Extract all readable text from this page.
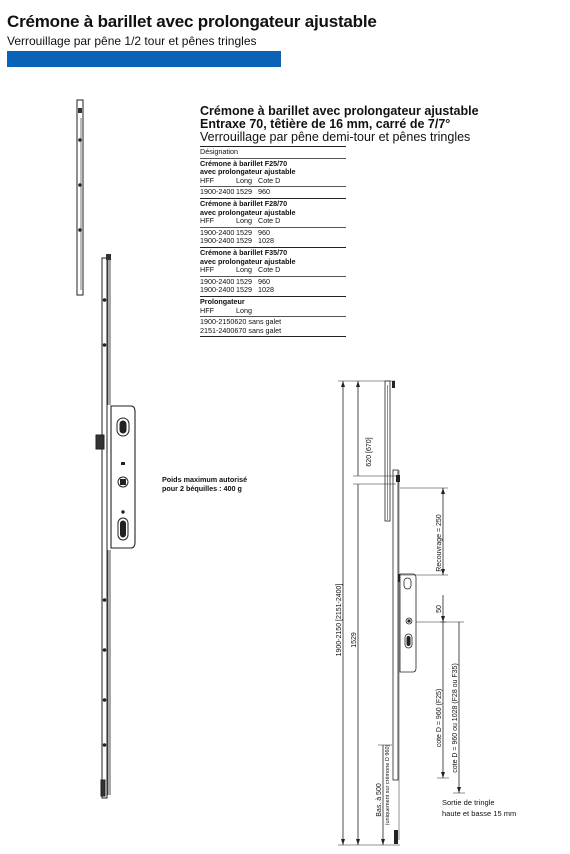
Crémone à barillet avec prolongateur ajustable
Verrouillage par pêne 1/2 tour et pênes tringles
Crémone à barillet avec prolongateur ajustable
Entraxe 70, têtière de 16 mm, carré de 7/7°
Verrouillage par pêne demi-tour et pênes tringles
Désignation
Crémone à barillet F25/70
avec prolongateur ajustable
HFF	Long Cote D
1900-2400 1529 960
Crémone à barillet F28/70
avec prolongateur ajustable
HFF	Long Cote D
1900-2400 1529 960
1900-2400 1529 1028
Crémone à barillet F35/70
avec prolongateur ajustable
HFF	Long Cote D
1900-2400 1529 960
1900-2400 1529 1028
Prolongateur
HFF	Long
1900-2150 620 sans galet
2151-2400 670 sans galet
Poids maximum autorisé
pour 2 béquilles : 400 g
Sortie de tringle
haute et basse 15 mm
1900-2150 [2151-2400] 1529
620 [670]
Recouvrage = 250
50
cote D = 960 (F25) cote D = 960 ou 1028 (F28 ou F35)
Bas. à 500 (uniquement sur crémone D 960)
